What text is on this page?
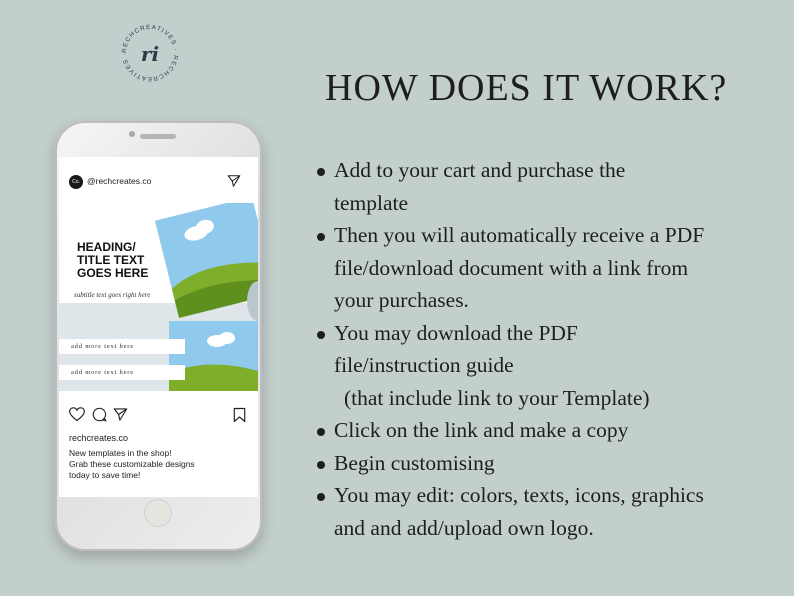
RECHCREATIVES · RECHCREATIVES · ri
HOW DOES IT WORK?
Add to your cart and purchase the
template
Then you will automatically receive a PDF
file/download document with a link from
your purchases.
You may download the PDF
file/instruction guide
(that include link to your Template)
Click on the link and make a copy
Begin customising
You may edit: colors, texts, icons, graphics
and and add/upload own logo.
Co. @rechcreates.co
HEADING/
TITLE TEXT
GOES HERE
subtitle text goes right here
add more text here
add more text here
rechcreates.co
New templates in the shop!
Grab these customizable designs
today to save time!
